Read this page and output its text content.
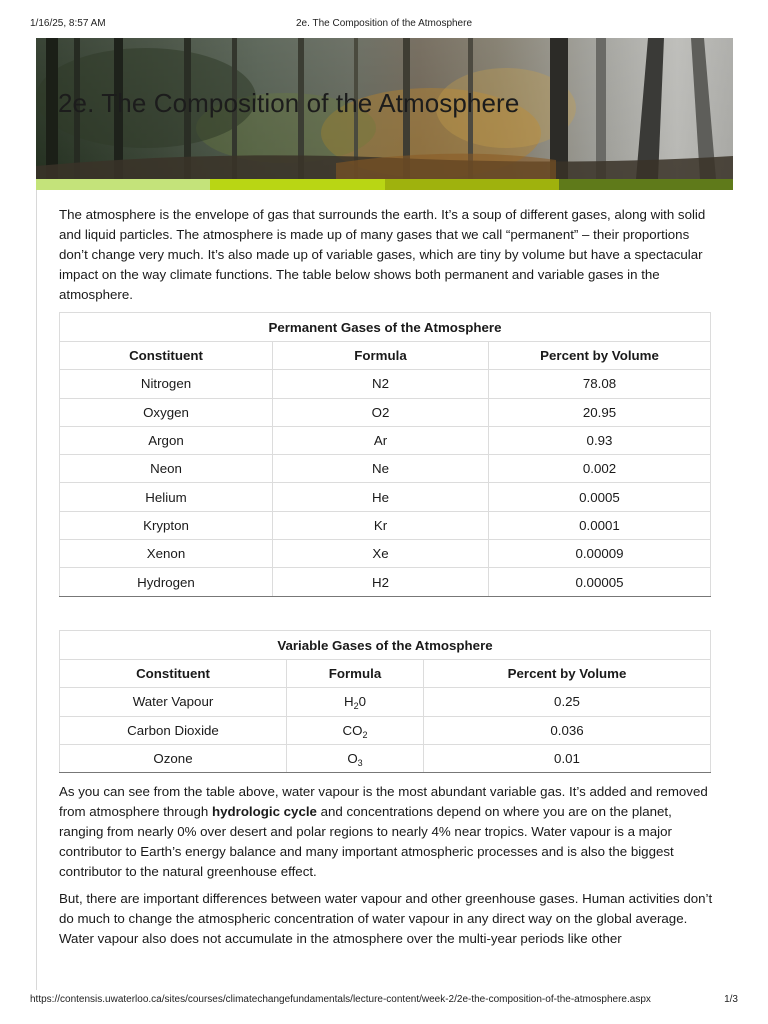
1/16/25, 8:57 AM	2e. The Composition of the Atmosphere
2e. The Composition of the Atmosphere

The atmosphere is the envelope of gas that surrounds the earth. It’s a soup of different gases, along with solid and liquid particles. The atmosphere is made up of many gases that we call “permanent” – their proportions don’t change very much. It’s also made up of variable gases, which are tiny by volume but have a spectacular impact on the way climate functions. The table below shows both permanent and variable gases in the atmosphere.

Permanent Gases of the Atmosphere		
Constituent	Formula	Percent by Volume
Nitrogen	N2	78.08
Oxygen	O2	20.95
Argon	Ar	0.93
Neon	Ne	0.002
Helium	He	0.0005
Krypton	Kr	0.0001
Xenon	Xe	0.00009
Hydrogen	H2	0.00005
Variable Gases of the Atmosphere		
Constituent	Formula	Percent by Volume
Water Vapour	$H_20$	0.25
Carbon Dioxide	$CO_2$	0.036
Ozone	$O_3$	0.01

As you can see from the table above, water vapour is the most abundant variable gas. It’s added and removed from atmosphere through hydrologic cycle and concentrations depend on where you are on the planet, ranging from nearly 0% over desert and polar regions to nearly 4% near tropics. Water vapour is a major contributor to Earth’s energy balance and many important atmospheric processes and is also the biggest contributor to the natural greenhouse effect.

But, there are important differences between water vapour and other greenhouse gases. Human activities don’t do much to change the atmospheric concentration of water vapour in any direct way on the global average. Water vapour also does not accumulate in the atmosphere over the multi-year periods like other

https://contensis.uwaterloo.ca/sites/courses/climatechangefundamentals/lecture-content/week-2/2e-the-composition-of-the-atmosphere.aspx	1/3
